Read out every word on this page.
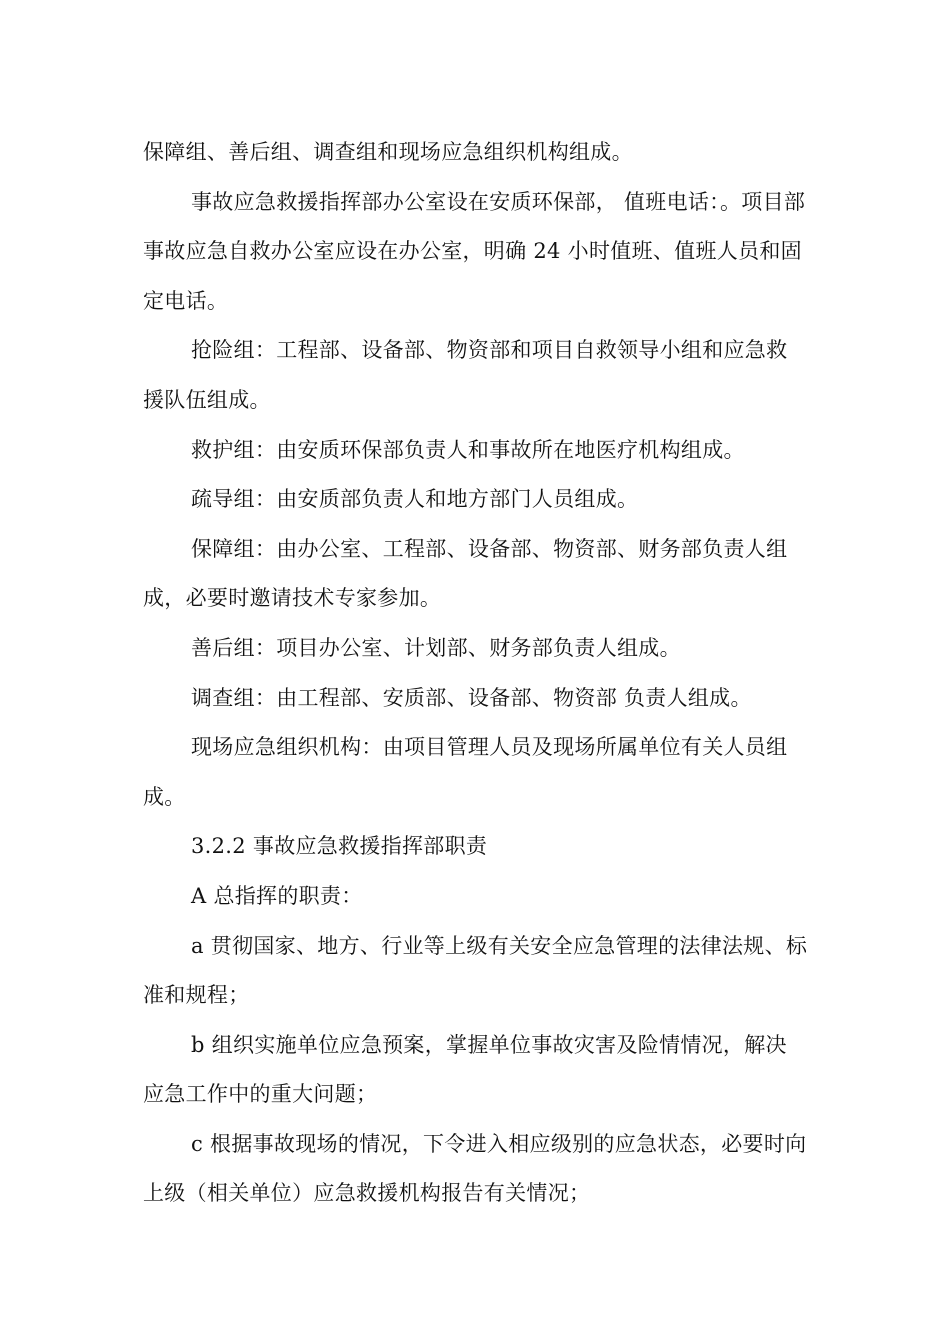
保障组、善后组、调查组和现场应急组织机构组成。

事故应急救援指挥部办公室设在安质环保部， 值班电话：。项目部事故应急自救办公室应设在办公室，明确 24 小时值班、值班人员和固定电话。

抢险组：工程部、设备部、物资部和项目自救领导小组和应急救援队伍组成。

救护组：由安质环保部负责人和事故所在地医疗机构组成。

疏导组：由安质部负责人和地方部门人员组成。

保障组：由办公室、工程部、设备部、物资部、财务部负责人组成，必要时邀请技术专家参加。

善后组：项目办公室、计划部、财务部负责人组成。

调查组：由工程部、安质部、设备部、物资部 负责人组成。

现场应急组织机构：由项目管理人员及现场所属单位有关人员组成。

3.2.2 事故应急救援指挥部职责

A 总指挥的职责：

a 贯彻国家、地方、行业等上级有关安全应急管理的法律法规、标准和规程；

b 组织实施单位应急预案，掌握单位事故灾害及险情情况，解决应急工作中的重大问题；

c 根据事故现场的情况，下令进入相应级别的应急状态，必要时向上级（相关单位）应急救援机构报告有关情况；
